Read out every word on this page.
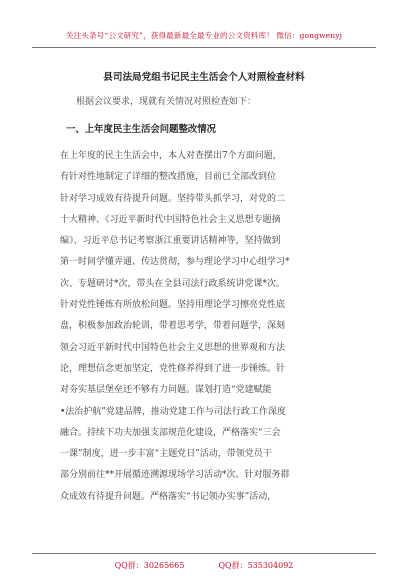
关注头条号“公文研究”，获得最新最全最专业的公文资料库！ 微信：gongwenyj
县司法局党组书记民主生活会个人对照检查材料
根据会议要求，现就有关情况对照检查如下：
一、上年度民主生活会问题整改情况
在上年度的民主生活会中，本人对查摆出7个方面问题，
有针对性地制定了详细的整改措施，目前已全部改到位
针对学习成效有待提升问题。坚持带头抓学习，对党的二
十大精神、《习近平新时代中国特色社会主义思想专题摘
编》、习近平总书记考察浙江重要讲话精神等，坚持做到
第一时间学懂弄通、传达贯彻，参与理论学习中心组学习*
次、专题研讨*次，带头在全县司法行政系统讲党课*次。
针对党性锤炼有所放松问题。坚持用理论学习擦亮党性底
盘，积极参加政治轮训，带着思考学，带着问题学，深刻
领会习近平新时代中国特色社会主义思想的世界观和方法
论，理想信念更加坚定，党性修养得到了进一步锤炼。针
对夯实基层堡垒还不够有力问题。谋划打造“党建赋能
•法治护航”党建品牌，推动党建工作与司法行政工作深度
融合。持续下功夫加强支部规范化建设，严格落实“三会
一课”制度，进一步丰富“主题党日”活动，带领党员干
部分别前往**开展循迹溯源现场学习活动*次。针对服务群
众成效有待提升问题。严格落实“书记领办实事”活动，
QQ群：30265665	QQ群：535304092
